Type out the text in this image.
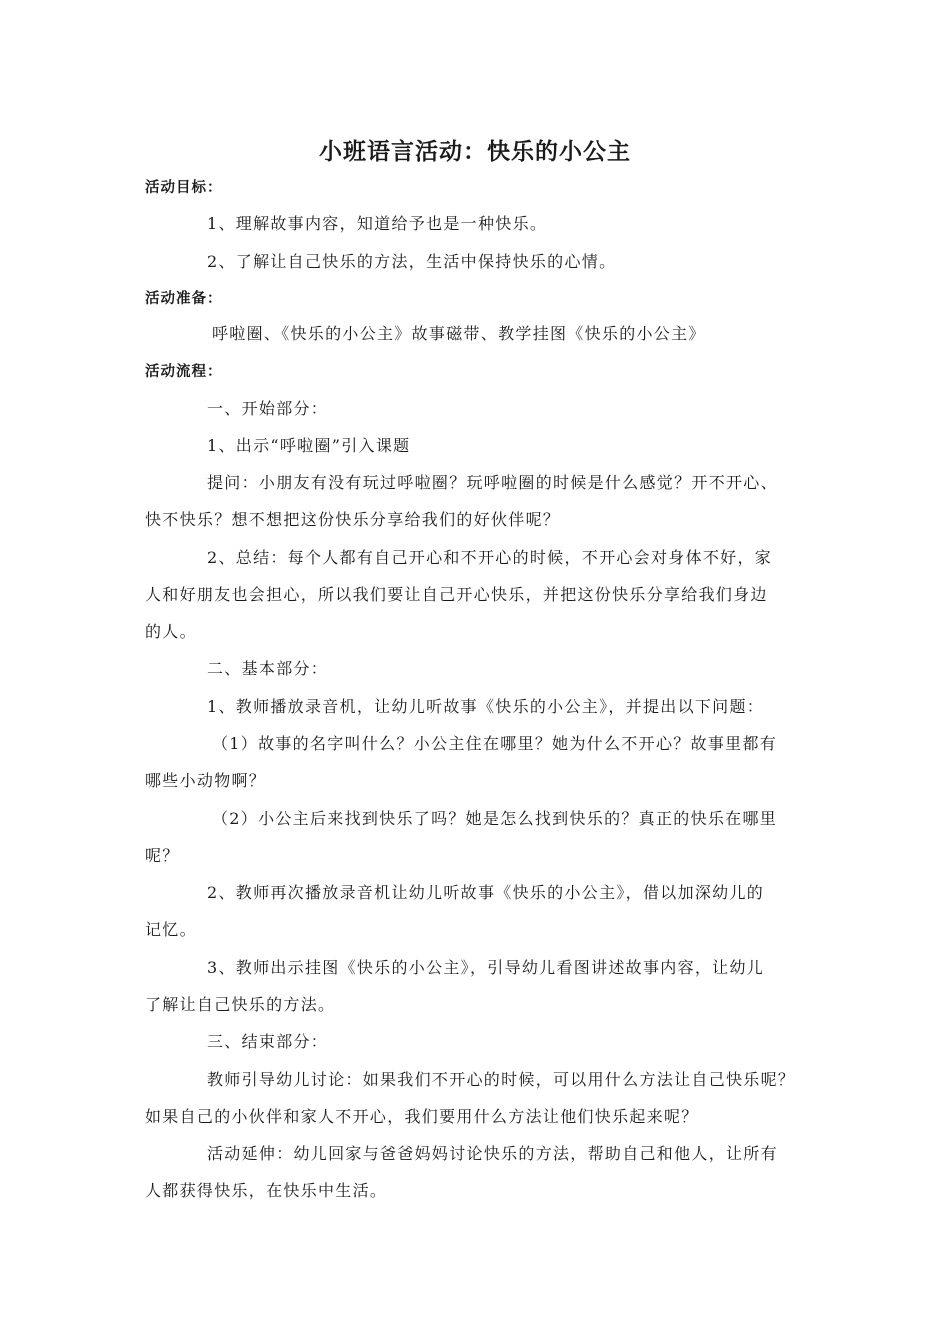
小班语言活动：快乐的小公主
活动目标：
1、理解故事内容，知道给予也是一种快乐。
2、了解让自己快乐的方法，生活中保持快乐的心情。
活动准备：
呼啦圈、《快乐的小公主》故事磁带、教学挂图《快乐的小公主》
活动流程：
一、开始部分：
1、出示“呼啦圈”引入课题
提问：小朋友有没有玩过呼啦圈？玩呼啦圈的时候是什么感觉？开不开心、
快不快乐？想不想把这份快乐分享给我们的好伙伴呢？
2、总结：每个人都有自己开心和不开心的时候，不开心会对身体不好，家
人和好朋友也会担心，所以我们要让自己开心快乐，并把这份快乐分享给我们身边
的人。
二、基本部分：
1、教师播放录音机，让幼儿听故事《快乐的小公主》，并提出以下问题：
（1）故事的名字叫什么？小公主住在哪里？她为什么不开心？故事里都有
哪些小动物啊？
（2）小公主后来找到快乐了吗？她是怎么找到快乐的？真正的快乐在哪里
呢？
2、教师再次播放录音机让幼儿听故事《快乐的小公主》，借以加深幼儿的
记忆。
3、教师出示挂图《快乐的小公主》，引导幼儿看图讲述故事内容，让幼儿
了解让自己快乐的方法。
三、结束部分：
教师引导幼儿讨论：如果我们不开心的时候，可以用什么方法让自己快乐呢？
如果自己的小伙伴和家人不开心，我们要用什么方法让他们快乐起来呢？
活动延伸：幼儿回家与爸爸妈妈讨论快乐的方法，帮助自己和他人，让所有
人都获得快乐，在快乐中生活。
